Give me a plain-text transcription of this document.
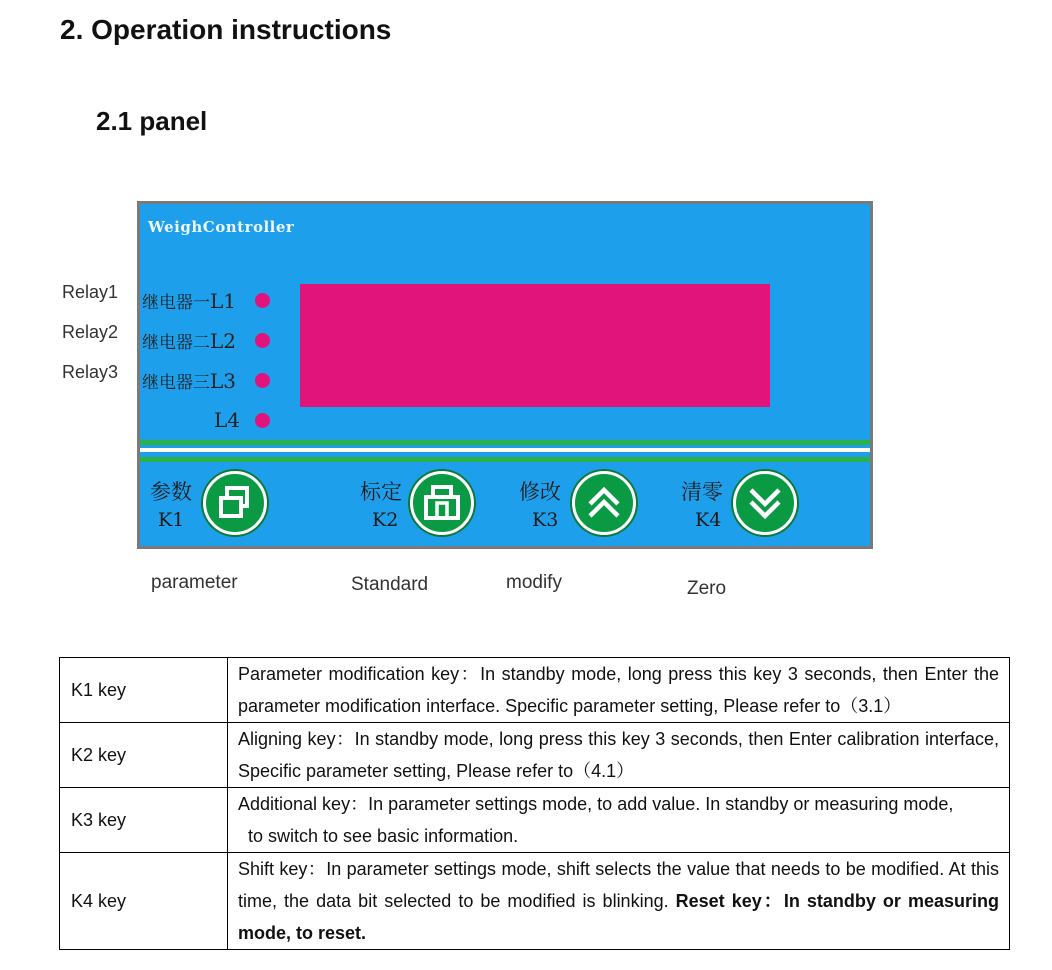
2. Operation instructions
2.1 panel
Relay1
Relay2
Relay3
WeighController
继电器一L1
继电器二L2
继电器三L3
L4
参数
K1
标定
K2
修改
K3
清零
K4
parameter	Standard	modify	Zero
K1 key	Parameter modification key：In standby mode, long press this key 3 seconds, then Enter the parameter modification interface. Specific parameter setting, Please refer to（3.1）
K2 key	Aligning key：In standby mode, long press this key 3 seconds, then Enter calibration interface, Specific parameter setting, Please refer to（4.1）
K3 key	Additional key：In parameter settings mode, to add value. In standby or measuring mode,
to switch to see basic information.
K4 key	Shift key：In parameter settings mode, shift selects the value that needs to be modified. At this time, the data bit selected to be modified is blinking. Reset key：In standby or measuring mode, to reset.
